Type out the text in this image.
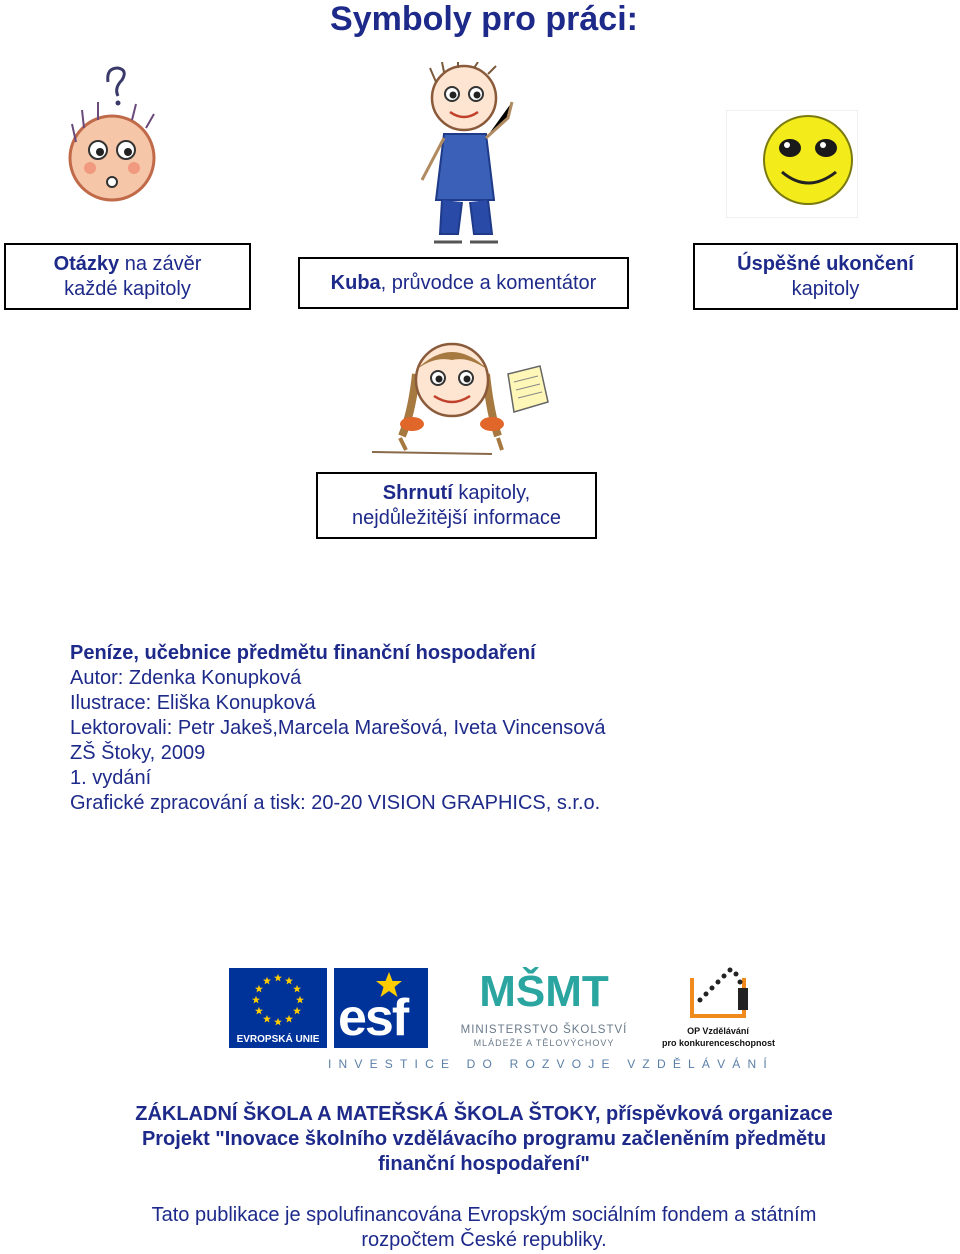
Symboly pro práci:
Otázky na závěr
každé kapitoly	Kuba, průvodce a komentátor
Úspěšné ukončení
kapitoly
Shrnutí kapitoly,
nejdůležitější informace
Peníze, učebnice předmětu finanční hospodaření
Autor: Zdenka Konupková
Ilustrace: Eliška Konupková
Lektorovali: Petr Jakeš,Marcela Marešová, Iveta Vincensová
ZŠ Štoky, 2009
1. vydání
Grafické zpracování a tisk: 20-20 VISION GRAPHICS, s.r.o.
EVROPSKÁ UNIE esf	MŠMT
MINISTERSTVO ŠKOLSTVÍ
MLÁDEŽE A TĚLOVÝCHOVY
OP Vzdělávání
pro konkurenceschopnost
INVESTICE DO ROZVOJE VZDĚLÁVÁNÍ
ZÁKLADNÍ ŠKOLA A MATEŘSKÁ ŠKOLA ŠTOKY, příspěvková organizace
Projekt "Inovace školního vzdělávacího programu začleněním předmětu
finanční hospodaření"
Tato publikace je spolufinancována Evropským sociálním fondem a státním
rozpočtem České republiky.
